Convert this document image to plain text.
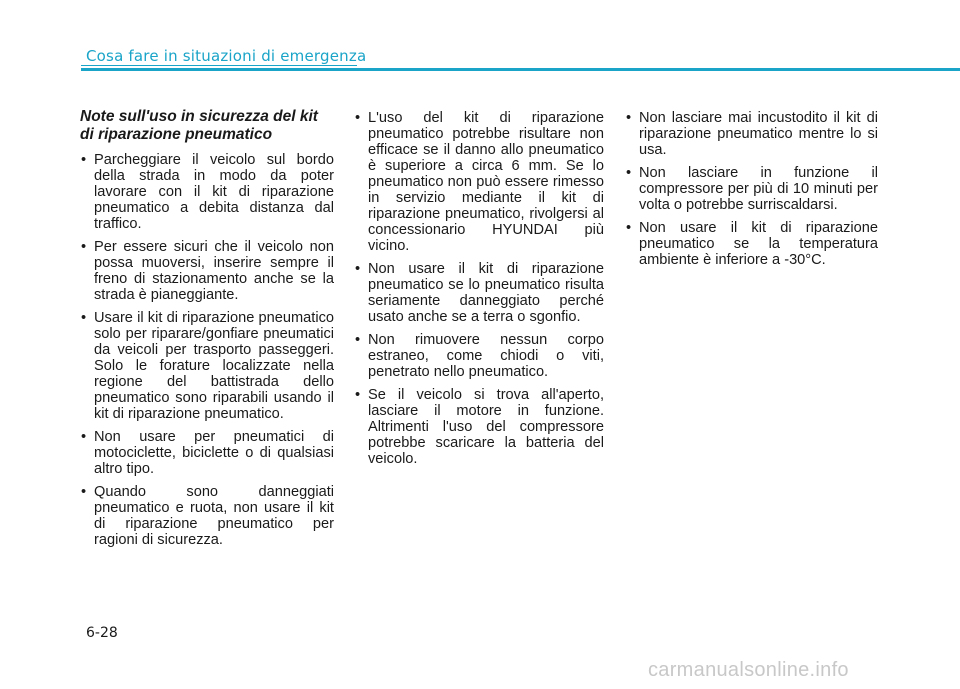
Cosa fare in situazioni di emergenza
Note sull'uso in sicurezza del kit di riparazione pneumatico
• Parcheggiare il veicolo sul bordo della strada in modo da poter lavorare con il kit di riparazione pneumatico a debita distanza dal traffico.
• Per essere sicuri che il veicolo non possa muoversi, inserire sempre il freno di stazionamento anche se la strada è pianeggiante.
• Usare il kit di riparazione pneumatico solo per riparare/gonfiare pneumatici da veicoli per trasporto passeggeri. Solo le forature localizzate nella regione del battistrada dello pneumatico sono riparabili usando il kit di riparazione pneumatico.
• Non usare per pneumatici di motociclette, biciclette o di qualsiasi altro tipo.
• Quando sono danneggiati pneumatico e ruota, non usare il kit di riparazione pneumatico per ragioni di sicurezza.
• L'uso del kit di riparazione pneumatico potrebbe risultare non efficace se il danno allo pneumatico è superiore a circa 6 mm. Se lo pneumatico non può essere rimesso in servizio mediante il kit di riparazione pneumatico, rivolgersi al concessionario HYUNDAI più vicino.
• Non usare il kit di riparazione pneumatico se lo pneumatico risulta seriamente danneggiato perché usato anche se a terra o sgonfio.
• Non rimuovere nessun corpo estraneo, come chiodi o viti, penetrato nello pneumatico.
• Se il veicolo si trova all'aperto, lasciare il motore in funzione. Altrimenti l'uso del compressore potrebbe scaricare la batteria del veicolo.
• Non lasciare mai incustodito il kit di riparazione pneumatico mentre lo si usa.
• Non lasciare in funzione il compressore per più di 10 minuti per volta o potrebbe surriscaldarsi.
• Non usare il kit di riparazione pneumatico se la temperatura ambiente è inferiore a -30°C.
6-28
carmanualsonline.info
